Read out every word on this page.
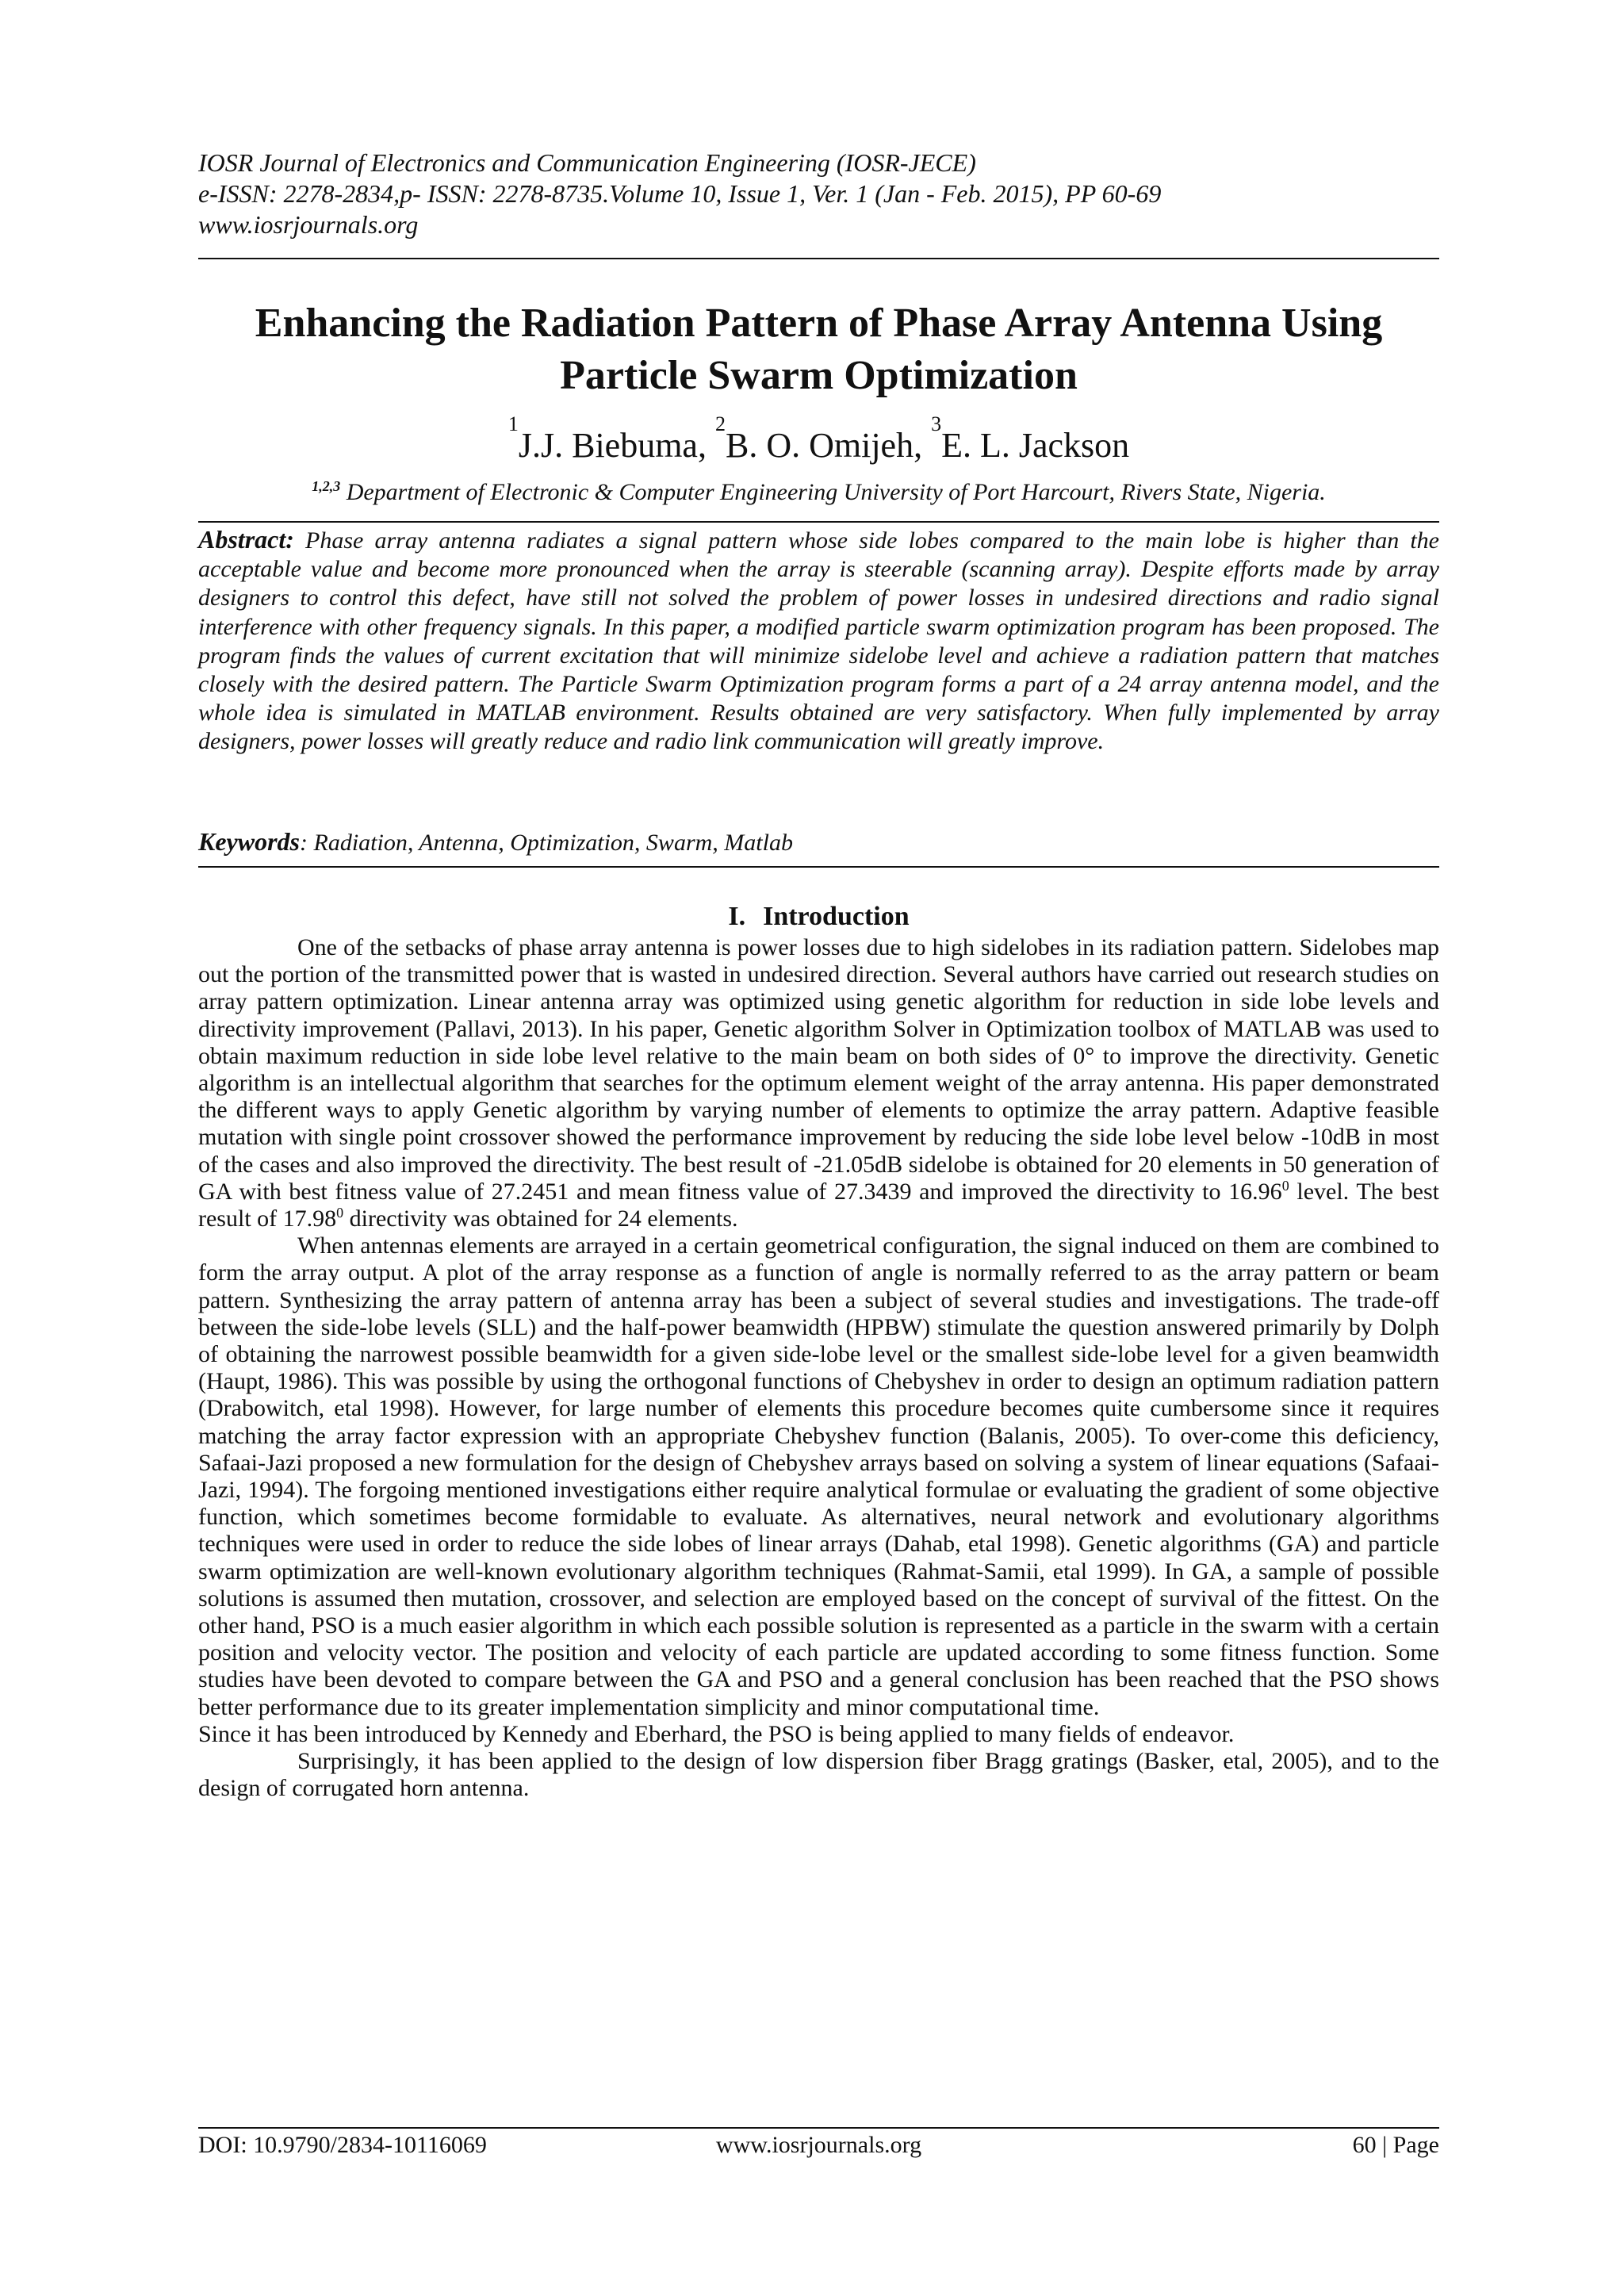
IOSR Journal of Electronics and Communication Engineering (IOSR-JECE)
e-ISSN: 2278-2834,p- ISSN: 2278-8735.Volume 10, Issue 1, Ver. 1 (Jan - Feb. 2015), PP 60-69
www.iosrjournals.org
Enhancing the Radiation Pattern of Phase Array Antenna Using
Particle Swarm Optimization
$^1$J.J. Biebuma, $^2$B. O. Omijeh, $^3$E. L. Jackson
$^{1,2,3}$ Department of Electronic & Computer Engineering University of Port Harcourt, Rivers State, Nigeria.
Abstract: Phase array antenna radiates a signal pattern whose side lobes compared to the main lobe is higher than the acceptable value and become more pronounced when the array is steerable (scanning array). Despite efforts made by array designers to control this defect, have still not solved the problem of power losses in undesired directions and radio signal interference with other frequency signals. In this paper, a modified particle swarm optimization program has been proposed. The program finds the values of current excitation that will minimize sidelobe level and achieve a radiation pattern that matches closely with the desired pattern. The Particle Swarm Optimization program forms a part of a 24 array antenna model, and the whole idea is simulated in MATLAB environment. Results obtained are very satisfactory. When fully implemented by array designers, power losses will greatly reduce and radio link communication will greatly improve.
Keywords: Radiation, Antenna, Optimization, Swarm, Matlab
I. Introduction

One of the setbacks of phase array antenna is power losses due to high sidelobes in its radiation pattern. Sidelobes map out the portion of the transmitted power that is wasted in undesired direction. Several authors have carried out research studies on array pattern optimization. Linear antenna array was optimized using genetic algorithm for reduction in side lobe levels and directivity improvement (Pallavi, 2013). In his paper, Genetic algorithm Solver in Optimization toolbox of MATLAB was used to obtain maximum reduction in side lobe level relative to the main beam on both sides of 0° to improve the directivity. Genetic algorithm is an intellectual algorithm that searches for the optimum element weight of the array antenna. His paper demonstrated the different ways to apply Genetic algorithm by varying number of elements to optimize the array pattern. Adaptive feasible mutation with single point crossover showed the performance improvement by reducing the side lobe level below -10dB in most of the cases and also improved the directivity. The best result of -21.05dB sidelobe is obtained for 20 elements in 50 generation of GA with best fitness value of 27.2451 and mean fitness value of 27.3439 and improved the directivity to 16.96$^0$ level. The best result of 17.98$^0$ directivity was obtained for 24 elements.

When antennas elements are arrayed in a certain geometrical configuration, the signal induced on them are combined to form the array output. A plot of the array response as a function of angle is normally referred to as the array pattern or beam pattern. Synthesizing the array pattern of antenna array has been a subject of several studies and investigations. The trade-off between the side-lobe levels (SLL) and the half-power beamwidth (HPBW) stimulate the question answered primarily by Dolph of obtaining the narrowest possible beamwidth for a given side-lobe level or the smallest side-lobe level for a given beamwidth (Haupt, 1986). This was possible by using the orthogonal functions of Chebyshev in order to design an optimum radiation pattern (Drabowitch, etal 1998). However, for large number of elements this procedure becomes quite cumbersome since it requires matching the array factor expression with an appropriate Chebyshev function (Balanis, 2005). To over-come this deficiency, Safaai-Jazi proposed a new formulation for the design of Chebyshev arrays based on solving a system of linear equations (Safaai-Jazi, 1994). The forgoing mentioned investigations either require analytical formulae or evaluating the gradient of some objective function, which sometimes become formidable to evaluate. As alternatives, neural network and evolutionary algorithms techniques were used in order to reduce the side lobes of linear arrays (Dahab, etal 1998). Genetic algorithms (GA) and particle swarm optimization are well-known evolutionary algorithm techniques (Rahmat-Samii, etal 1999). In GA, a sample of possible solutions is assumed then mutation, crossover, and selection are employed based on the concept of survival of the fittest. On the other hand, PSO is a much easier algorithm in which each possible solution is represented as a particle in the swarm with a certain position and velocity vector. The position and velocity of each particle are updated according to some fitness function. Some studies have been devoted to compare between the GA and PSO and a general conclusion has been reached that the PSO shows better performance due to its greater implementation simplicity and minor computational time.

Since it has been introduced by Kennedy and Eberhard, the PSO is being applied to many fields of endeavor.

Surprisingly, it has been applied to the design of low dispersion fiber Bragg gratings (Basker, etal, 2005), and to the design of corrugated horn antenna.

DOI: 10.9790/2834-10116069	www.iosrjournals.org	60 | Page
